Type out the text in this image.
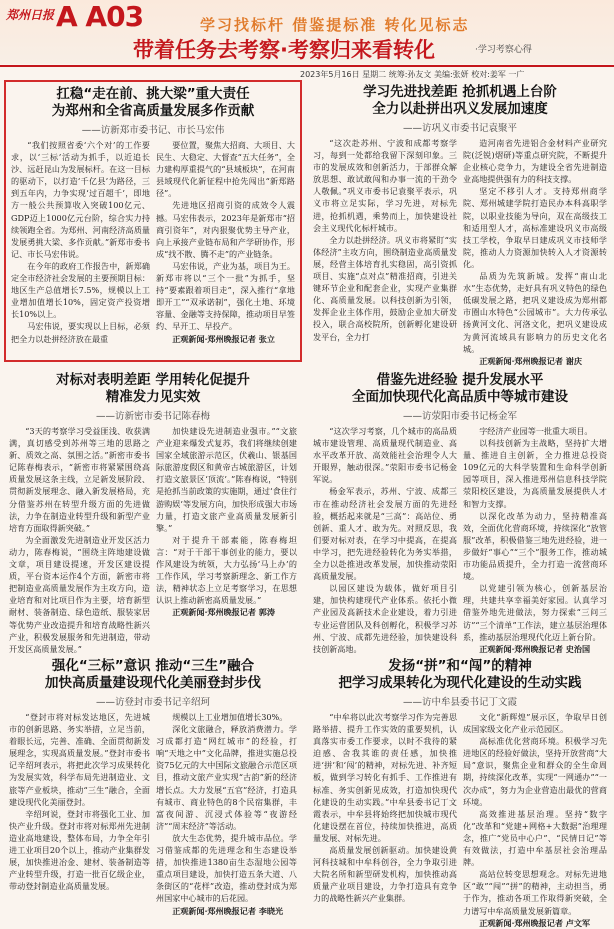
郑州日报 A A03	学习找标杆 借鉴提标准 转化见标志
带着任务去考察·考察归来看转化	·学习考察心得
2023年5月16日 星期二 统筹:孙友文 美编:张妍 校对:姜军 一广
扛稳“走在前、挑大梁”重大责任
为郑州和全省高质量发展多作贡献
——访新郑市委书记、市长马宏伟

“我们按照省委‘六个对’的工作要求，以‘三标’活动为抓手，以近追长沙、远赶昆山为发展标杆。在这一目标的驱动下，以打造‘千亿县’为路径，三到五年内，力争实现‘过百超千’，即地方一般公共预算收入突破100亿元、GDP迈上1000亿元台阶，综合实力持续领跑全省。为郑州、河南经济高质量发展勇挑大梁、多作贡献。”新郑市委书记、市长马宏伟说。

在今年的政府工作报告中，新郑确定全市经济社会发展的主要预期目标：地区生产总值增长7.5%，规模以上工业增加值增长10%，固定资产投资增长10%以上。

马宏伟说，要实现以上目标，必须把全力以赴拼经济放在最重

要位置，聚焦大招商、大项目、大民生、大稳定、大督查“五大任务”，全力建构厚重提气的“县域板块”，在河南县域现代化新征程中抢先闯出“新郑路径”。

先进地区招商引资的成效令人震撼。马宏伟表示，2023年是新郑市“招商引资年”，对内狠聚优势主导产业，向上承接产业链布局和产学研协作，形成“找不散、腾不走”的产业链条。

马宏伟说，产业为基，项目为王。新郑市将以“三个一批”为抓手，坚持“要素跟着项目走”，深入推行“拿地即开工”“双承诺制”，强化土地、环境容量、金融等支持保障，推动项目早签约、早开工、早投产。

正观新闻·郑州晚报记者 张立

学习先进找差距 抢抓机遇上台阶
全力以赴拼出巩义发展加速度
——访巩义市委书记袁聚平

“这次赴苏州、宁波和成都考察学习，每到一处都给我留下深刻印象。三市的发展成效和创新活力，于部群众解放思想、敢试敢闯和办事一流的干劲令人敬佩。”巩义市委书记袁聚平表示，巩义市将立足实际，学习先进，对标先进，抢抓机遇，乘势而上，加快建设社会主义现代化标杆城市。

全力以赴拼经济。巩义市将紧盯“实体经济”主攻方向，围绕制造业高质量发展，经营主体培育扎实稳固，高引资抓项目、实施“点对点”精准招商，引进关键环节企业和配套企业，实现产业集群化、高质量发展。以科技创新为引领，发挥企业主体作用，鼓励企业加大研发投入，联合高校院所，创新孵化建设研发平台，全力打

造河南省先进铝合金材料产业研究院(泛锐)熠研)等重点研究院，不断提升企业核心竞争力，为建设全省先进制造业高地提供强有力的科技支撑。

坚定不移引人才。支持郑州商学院、郑州城建学院打造民办本科高职学院，以职业技能为导向，双在高级技工和适用型人才，高标准建设巩义市高级技工学校，争取早日建成巩义市技师学院，推动人力资源加快转入人才资源转化。

品质为先筑新城。发挥“南山北水”生态优势，走好具有巩义特色的绿色低碳发展之路，把巩义建设成为郑州都市圈山水特色“公园城市”。大力传承弘扬黄河文化、河洛文化，把巩义建设成为黄河流域具有影响力的历史文化名城。

正观新闻·郑州晚报记者 谢庆

对标对表明差距 学用转化促提升
精准发力见实效
——访新密市委书记陈春梅

“3天的考察学习受益匪浅、收获满满，真切感受到苏州等三地的思路之新、质效之高、氛围之活。”新密市委书记陈春梅表示，“新密市将紧紧围绕高质量发展这条主线，立足新发展阶段、贯彻新发展理念、融入新发展格局，充分借鉴苏州在转型升级方面的先进做法，力争在制造业转型升级和新型产业培育方面取得新突破。”

为全面激发先进制造业开发区活力动力，陈春梅说，“围绕主阵地建设做文章，项目建设提速，开发区建设提质，平台资本运作4个方面，新密市将把制造业高质量发展作为主攻方向，造业培育和对比项目作为主要，培育新型耐材、装备制造、绿色造纸、服装家居等优势产业改造提升和培育战略性新兴产业，积极发展服务和先进制造，带动开发区高质量发展。”

加快建设先进制造业强市。”“文旅产业迎来爆发式复苏，我们将继续创建国家全域旅游示范区，伏羲山、银基国际旅游度假区和黄帝古城旅游区，计划打造文旅景区‘顶流’。”陈春梅说，“特别是抢抓当前政策的实施期，通过‘食住行游购娱’等发展方向，加快形成强大市场力量，打造文旅产业高质量发展新引擎。”

对于提升干部素能，陈春梅坦言：“对于干部干事创业的能力，要以作风建设为统领，大力弘扬‘马上办’的工作作风，学习考察新理念、新工作方法，精神状态上立足考察学习，在思想认识上推动新密高质量发展。”

正观新闻·郑州晚报记者 郭涛

借鉴先进经验 提升发展水平
全面加快现代化高品质中等城市建设
——访荥阳市委书记杨金军

“这次学习考察，几个城市的高品质城市建设管理、高质量现代制造业、高水平改革开放、高效能社会治理令人大开眼界，触动很深。”荥阳市委书记杨金军说。

杨金军表示，苏州、宁波、成都三市在推动经济社会发展方面的先进经验，概括起来就是“三高”：高站位、勇创新、重人才、敢为先。对照反思，我们要对标对表，在学习中提高，在提高中学习，把先进经验转化为务实举措，全力以赴推进改革发展，加快推动荥阳高质量发展。

以园区建设为载体，做好项目引建，加快构建现代产业体系。依托小微产业园及高新技术企业建设，着力引进专业运营团队及科创孵化，积极学习苏州、宁波、成都先进经验，加快建设科技创新高地。

字经济产业园等一批重大项目。

以科技创新为主战略，坚持扩大增量、推进自主创新，全力推进总投资109亿元的大科学装置和生命科学创新园等项目，深入推进郑州信息科技学院荥阳校区建设，为高质量发展提供人才和智力支撑。

以深化改革为动力，坚持精准高效，全面优化营商环境，持续深化“放管服”改革，积极借鉴三地先进经验，进一步做好“事心”“三个”服务工作，推动城市功能品质提升，全力打造一流营商环境。

以党建引领为核心，创新基层治理，共建共享幸福美好家园。认真学习借鉴外地先进做法，努力探索“三问三访”“三个清单”工作法，建立基层治理体系，推动基层治理现代化迈上新台阶。

正观新闻·郑州晚报记者 史治国

强化“三标”意识 推动“三生”融合
加快高质量建设现代化美丽登封步伐
——访登封市委书记辛绍珂

“登封市将对标发达地区，先进城市的创新思路、务实举措，立足当前，着眼长远，完善、准确、全面贯彻新发展理念，实现高质量发展。”登封市委书记辛绍珂表示，将把此次学习成果转化为发展实效，科学布局先进制造业、文旅等产业板块，推动“三生”融合，全面建设现代化美丽登封。

辛绍珂说，登封市将强化工业、加快产业升级。登封市将对标郑州先进制造业高地建设，整体布局，力争全年引进工业项目20个以上，推动产业集群发展，加快推进冶金、建材、装备制造等产业转型升级，打造一批百亿级企业，带动登封制造业高质量发展。

规模以上工业增加值增长30%。

深化文旅融合，释放消费潜力。学习成都打造“网红城市”的经验，打响“天地之中”文化品牌，推进实施总投资75亿元的大中国际文旅融合示范区项目，推动文旅产业实现“古韵”新的经济增长点。大力发展“五官”经济，打造具有城市、商业特色的8个民宿集群，丰富夜间游、沉浸式体验等“夜游经济”“周末经济”等活动。

放大生态优势，提升城市品位。学习借鉴成都的先进理念和生态建设举措，加快推进1380亩生态湿地公园等重点项目建设，加快打造五条大道、八条街区的“花样”改造，推动登封成为郑州国家中心城市的后花园。

正观新闻·郑州晚报记者 李晓光

发扬“拼”和“闯”的精神
把学习成果转化为现代化建设的生动实践
——访中牟县委书记丁文霞

“中牟将以此次考察学习作为完善思路举措、提升工作实效的重要契机，认真落实市委工作要求，以时不我待的紧迫感、舍我其谁的责任感，加快推进‘拼’和‘闯’的精神，对标先进、补齐短板，做到学习转化有抓手、工作推进有标准、务实创新见成效，打造加快现代化建设的生动实践。”中牟县委书记丁文霞表示，中牟县将始终把加快城市现代化建设摆在首位，持续加快推进，高质量发展、对标先进。

高质量发展创新驱动。加快建设黄河科技城和中牟科创谷，全力争取引进大院名所和新型研发机构，加快推动高质量产业项目建设，力争打造具有竞争力的战略性新兴产业集群。

文化“新辉煌”展示区，争取早日创成国家级文化产业示范园区。

高标准优化营商环境。积极学习先进地区的经验好做法，坚持开放营商“大局”意识，聚焦企业和群众的全生命周期，持续深化改革，实现“一网通办”“一次办成”，努力为企业营造出最优的营商环境。

高效推进基层治理。坚持“数字化”改革和“党建+网格+大数据”治理理念，推广“党员中心户”、“民情日记”等有效做法，打造中牟基层社会治理品牌。

高站位转变思想观念。对标先进地区“敢”“闯”“拼”的精神，主动担当，勇于作为，推动各项工作取得新突破，全力谱写中牟高质量发展新篇章。

正观新闻·郑州晚报记者 卢文军
